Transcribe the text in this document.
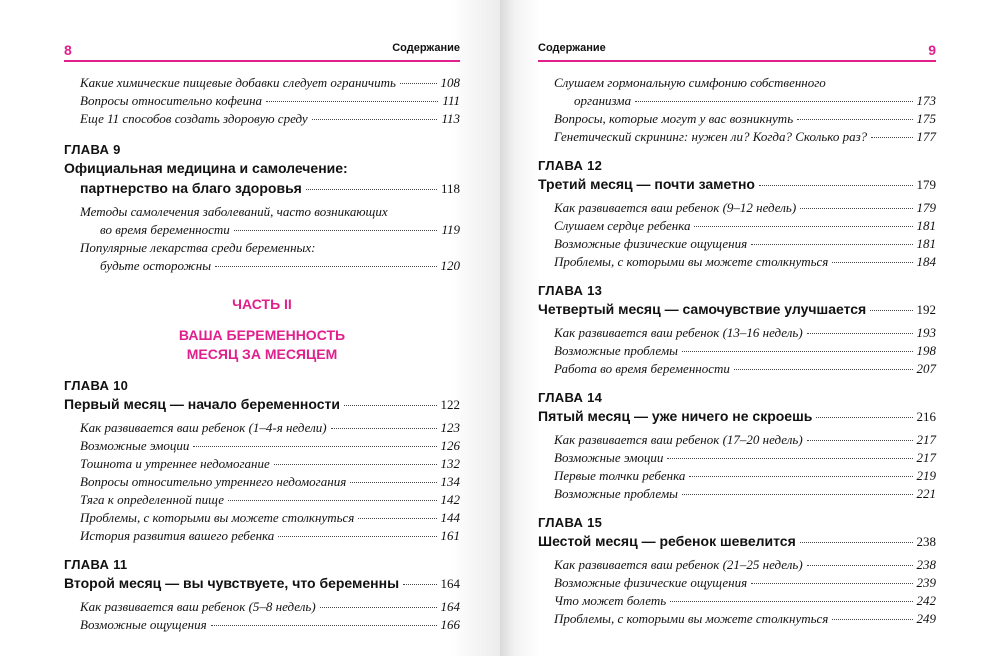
8	Содержание
Какие химические пищевые добавки следует ограничить	108
Вопросы относительно кофеина	111
Еще 11 способов создать здоровую среду	113
ГЛАВА 9
Официальная медицина и самолечение:
партнерство на благо здоровья	118
Методы самолечения заболеваний, часто возникающих
во время беременности	119
Популярные лекарства среди беременных:
будьте осторожны	120
ЧАСТЬ II
ВАША БЕРЕМЕННОСТЬ
МЕСЯЦ ЗА МЕСЯЦЕМ
ГЛАВА 10
Первый месяц — начало беременности	122
Как развивается ваш ребенок (1–4-я недели)	123
Возможные эмоции	126
Тошнота и утреннее недомогание	132
Вопросы относительно утреннего недомогания	134
Тяга к определенной пище	142
Проблемы, с которыми вы можете столкнуться	144
История развития вашего ребенка	161
ГЛАВА 11
Второй месяц — вы чувствуете, что беременны	164
Как развивается ваш ребенок (5–8 недель)	164
Возможные ощущения	166
Содержание	9
Слушаем гормональную симфонию собственного
организма	173
Вопросы, которые могут у вас возникнуть	175
Генетический скрининг: нужен ли? Когда? Сколько раз?	177
ГЛАВА 12
Третий месяц — почти заметно	179
Как развивается ваш ребенок (9–12 недель)	179
Слушаем сердце ребенка	181
Возможные физические ощущения	181
Проблемы, с которыми вы можете столкнуться	184
ГЛАВА 13
Четвертый месяц — самочувствие улучшается	192
Как развивается ваш ребенок (13–16 недель)	193
Возможные проблемы	198
Работа во время беременности	207
ГЛАВА 14
Пятый месяц — уже ничего не скроешь	216
Как развивается ваш ребенок (17–20 недель)	217
Возможные эмоции	217
Первые толчки ребенка	219
Возможные проблемы	221
ГЛАВА 15
Шестой месяц — ребенок шевелится	238
Как развивается ваш ребенок (21–25 недель)	238
Возможные физические ощущения	239
Что может болеть	242
Проблемы, с которыми вы можете столкнуться	249
